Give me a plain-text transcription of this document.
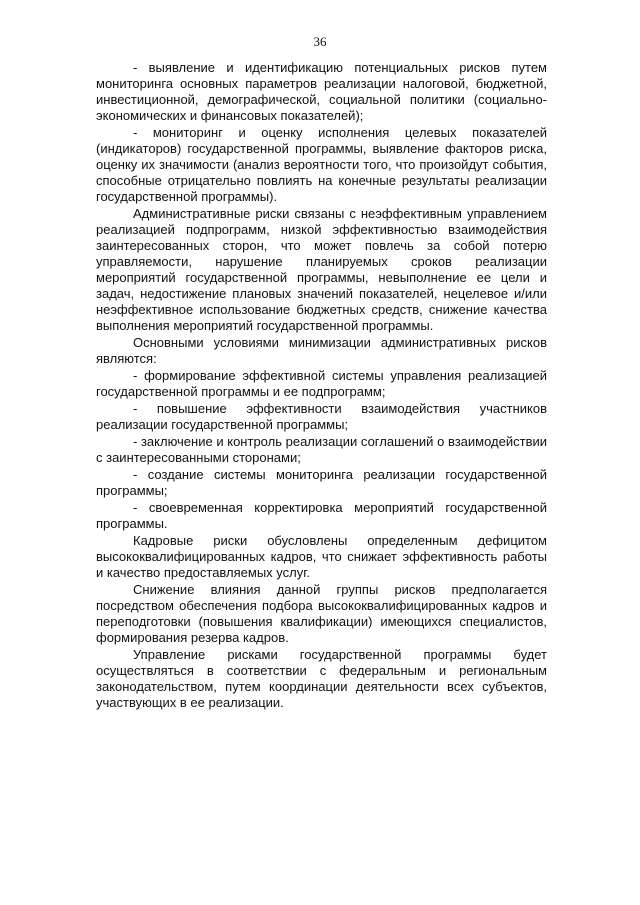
36

- выявление и идентификацию потенциальных рисков путем мониторинга основных параметров реализации налоговой, бюджетной, инвестиционной, демографической, социальной политики (социально-экономических и финансовых показателей);

- мониторинг и оценку исполнения целевых показателей (индикаторов) государственной программы, выявление факторов риска, оценку их значимости (анализ вероятности того, что произойдут события, способные отрицательно повлиять на конечные результаты реализации государственной программы).

Административные риски связаны с неэффективным управлением реализацией подпрограмм, низкой эффективностью взаимодействия заинтересованных сторон, что может повлечь за собой потерю управляемости, нарушение планируемых сроков реализации мероприятий государственной программы, невыполнение ее цели и задач, недостижение плановых значений показателей, нецелевое и/или неэффективное использование бюджетных средств, снижение качества выполнения мероприятий государственной программы.

Основными условиями минимизации административных рисков являются:

- формирование эффективной системы управления реализацией государственной программы и ее подпрограмм;

- повышение эффективности взаимодействия участников реализации государственной программы;

- заключение и контроль реализации соглашений о взаимодействии с заинтересованными сторонами;

- создание системы мониторинга реализации государственной программы;

- своевременная корректировка мероприятий государственной программы.

Кадровые риски обусловлены определенным дефицитом высококвалифицированных кадров, что снижает эффективность работы и качество предоставляемых услуг.

Снижение влияния данной группы рисков предполагается посредством обеспечения подбора высококвалифицированных кадров и переподготовки (повышения квалификации) имеющихся специалистов, формирования резерва кадров.

Управление рисками государственной программы будет осуществляться в соответствии с федеральным и региональным законодательством, путем координации деятельности всех субъектов, участвующих в ее реализации.
